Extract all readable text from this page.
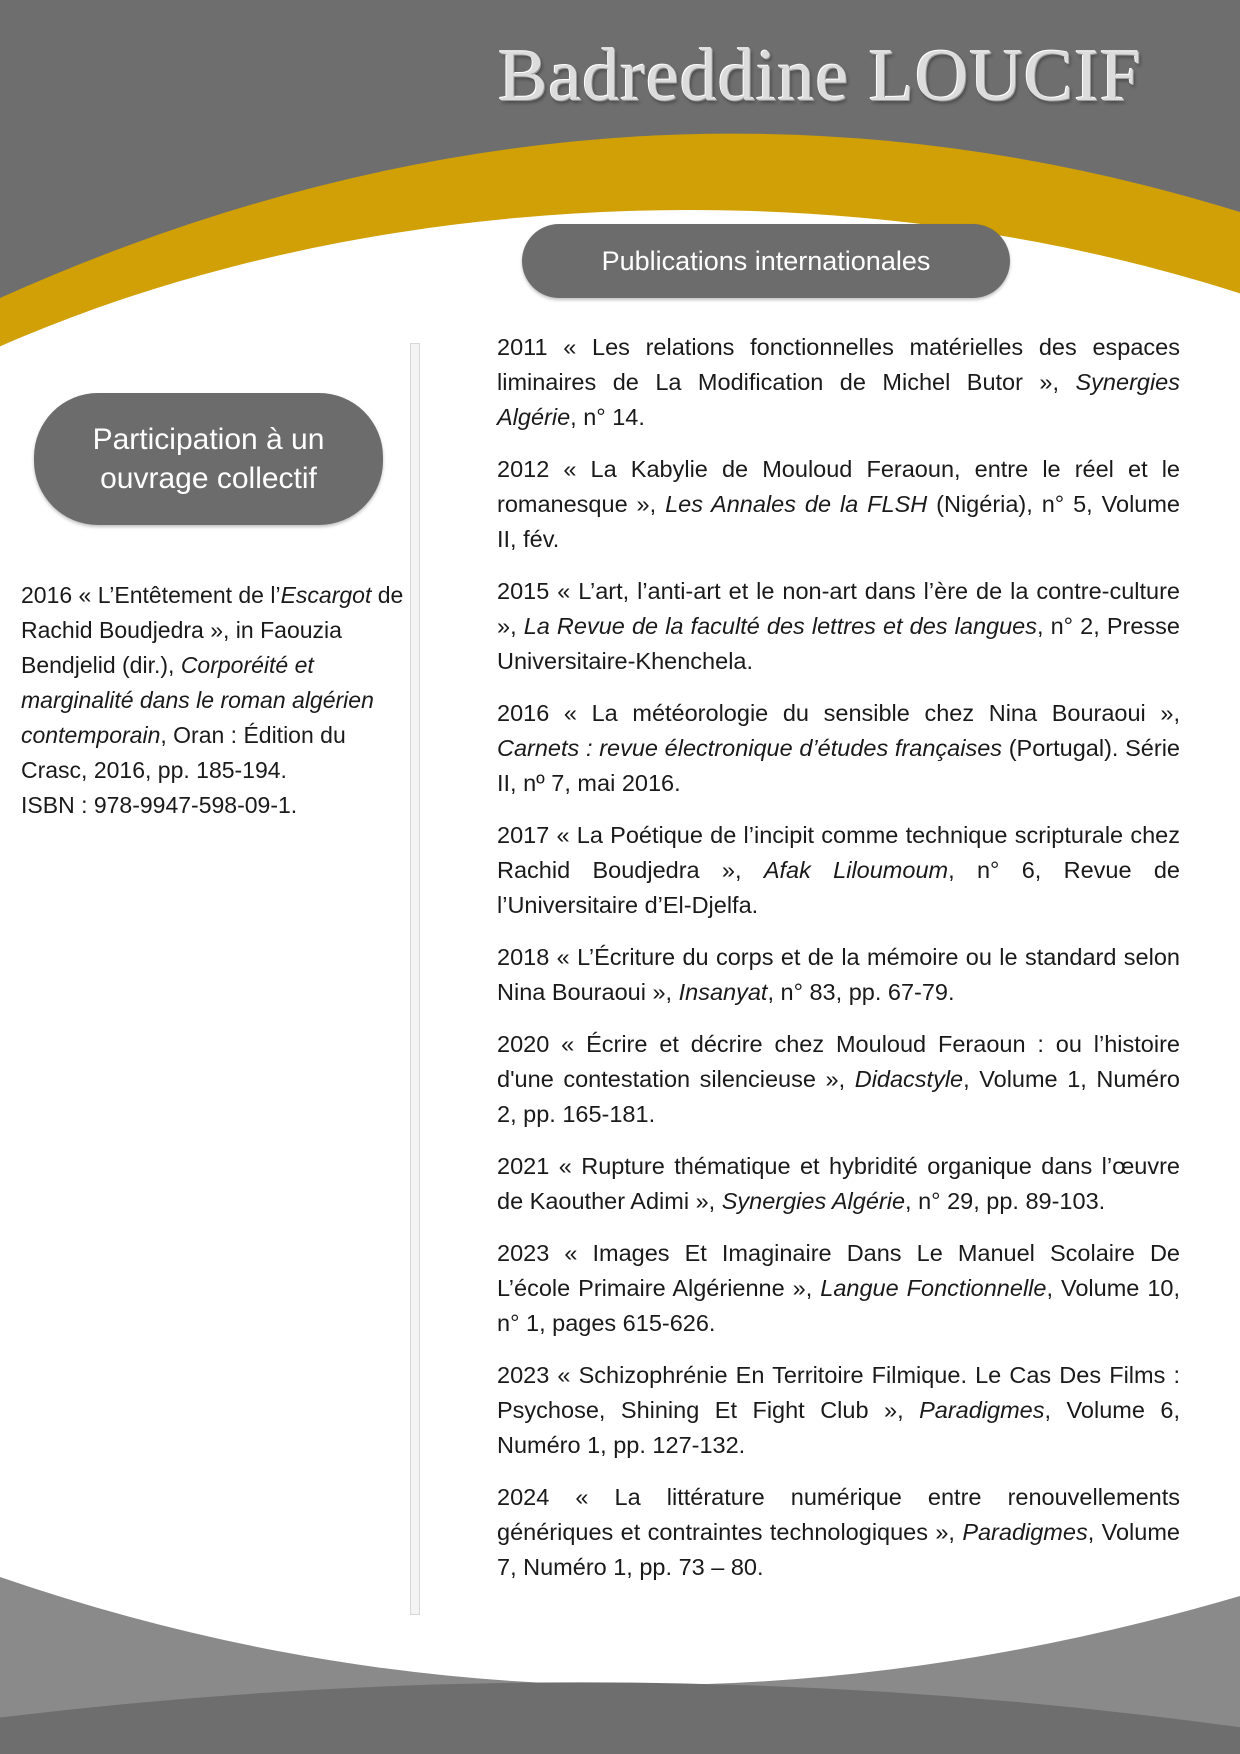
Badreddine LOUCIF
Publications internationales
Participation à un
ouvrage collectif

2016 « L’Entêtement de l’Escargot de Rachid Boudjedra », in Faouzia Bendjelid (dir.), Corporéité et marginalité dans le roman algérien contemporain, Oran : Édition du Crasc, 2016, pp. 185-194.

ISBN : 978-9947-598-09-1.

2011 « Les relations fonctionnelles matérielles des espaces liminaires de La Modification de Michel Butor », Synergies Algérie, n° 14.

2012 « La Kabylie de Mouloud Feraoun, entre le réel et le romanesque », Les Annales de la FLSH (Nigéria), n° 5, Volume II, fév.

2015 « L’art, l’anti-art et le non-art dans l’ère de la contre-culture », La Revue de la faculté des lettres et des langues, n° 2, Presse Universitaire-Khenchela.

2016 « La météorologie du sensible chez Nina Bouraoui », Carnets : revue électronique d’études françaises (Portugal). Série II, nº 7, mai 2016.

2017 « La Poétique de l’incipit comme technique scripturale chez Rachid Boudjedra », Afak Liloumoum, n° 6, Revue de l’Universitaire d’El-Djelfa.

2018 « L’Écriture du corps et de la mémoire ou le standard selon Nina Bouraoui », Insanyat, n° 83, pp. 67-79.

2020 « Écrire et décrire chez Mouloud Feraoun : ou l’histoire d'une contestation silencieuse », Didacstyle, Volume 1, Numéro 2, pp. 165-181.

2021 « Rupture thématique et hybridité organique dans l’œuvre de Kaouther Adimi », Synergies Algérie, n° 29, pp. 89-103.

2023 « Images Et Imaginaire Dans Le Manuel Scolaire De L’école Primaire Algérienne », Langue Fonctionnelle, Volume 10, n° 1, pages 615-626.

2023 « Schizophrénie En Territoire Filmique. Le Cas Des Films : Psychose, Shining Et Fight Club », Paradigmes, Volume 6, Numéro 1, pp. 127-132.

2024 « La littérature numérique entre renouvellements génériques et contraintes technologiques », Paradigmes, Volume 7, Numéro 1, pp. 73 – 80.
